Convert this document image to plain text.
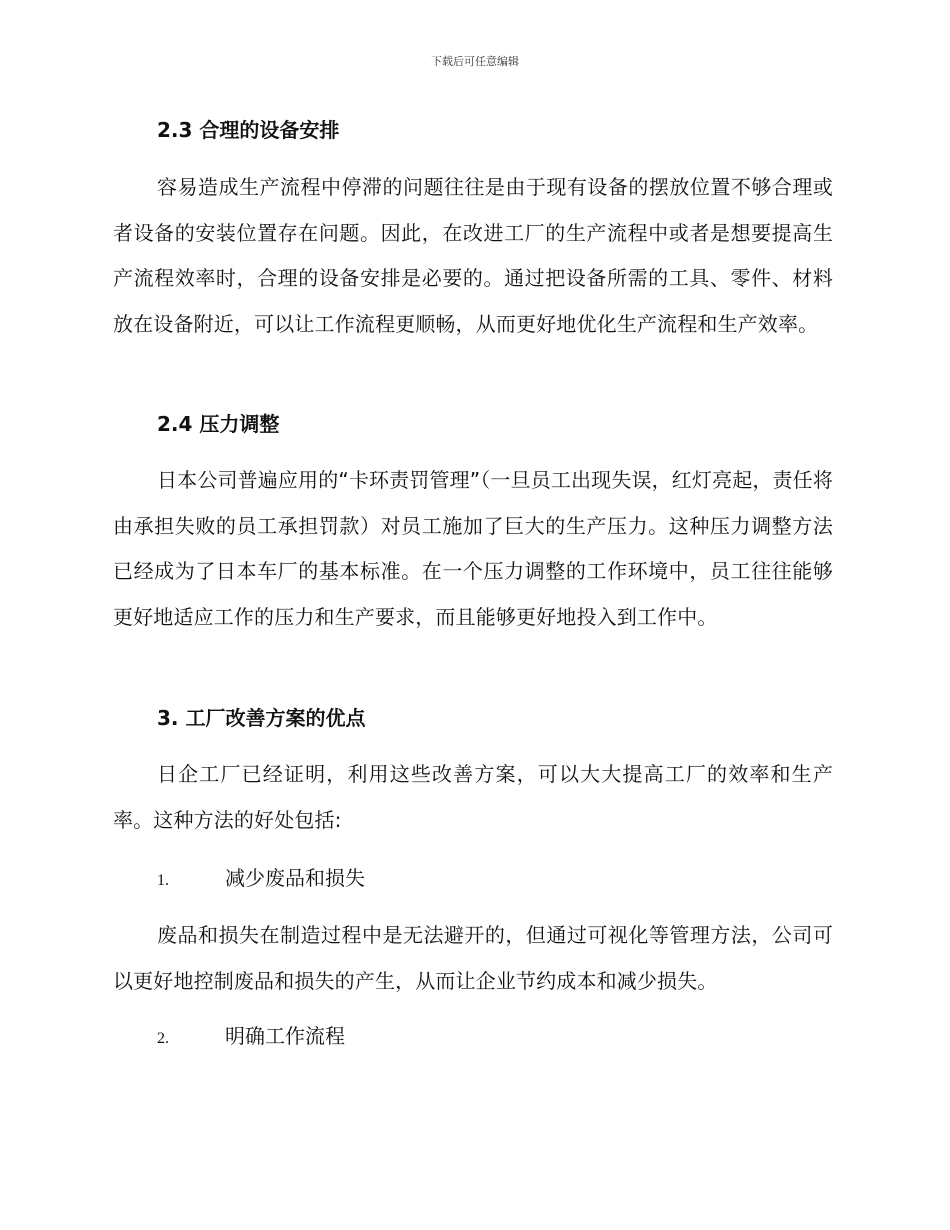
下载后可任意编辑
2.3 合理的设备安排

容易造成生产流程中停滞的问题往往是由于现有设备的摆放位置不够合理或者设备的安装位置存在问题。因此，在改进工厂的生产流程中或者是想要提高生产流程效率时，合理的设备安排是必要的。通过把设备所需的工具、零件、材料放在设备附近，可以让工作流程更顺畅，从而更好地优化生产流程和生产效率。

2.4 压力调整

日本公司普遍应用的“卡环责罚管理”（一旦员工出现失误，红灯亮起，责任将由承担失败的员工承担罚款）对员工施加了巨大的生产压力。这种压力调整方法已经成为了日本车厂的基本标准。在一个压力调整的工作环境中，员工往往能够更好地适应工作的压力和生产要求，而且能够更好地投入到工作中。

3. 工厂改善方案的优点

日企工厂已经证明，利用这些改善方案，可以大大提高工厂的效率和生产率。这种方法的好处包括:

1.	减少废品和损失

废品和损失在制造过程中是无法避开的，但通过可视化等管理方法，公司可以更好地控制废品和损失的产生，从而让企业节约成本和减少损失。

2.	明确工作流程
